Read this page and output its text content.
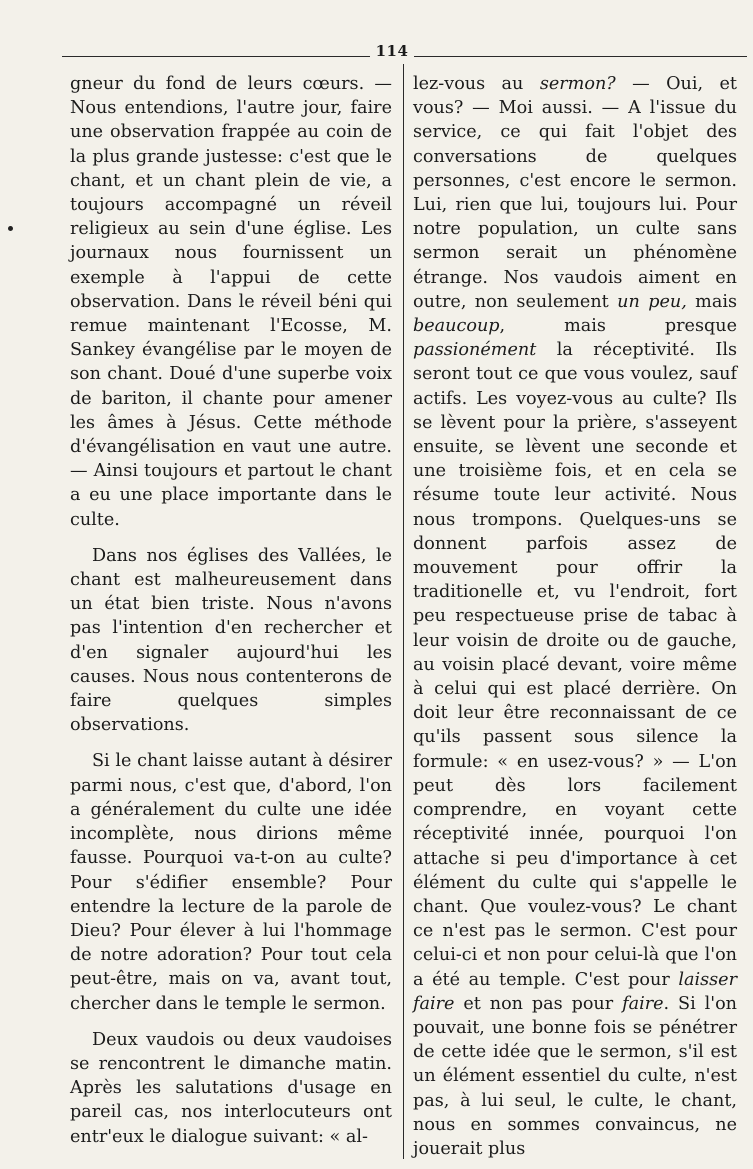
114

gneur du fond de leurs cœurs. — Nous entendions, l'autre jour, faire une observation frappée au coin de la plus grande justesse: c'est que le chant, et un chant plein de vie, a toujours accompagné un réveil religieux au sein d'une église. Les journaux nous fournissent un exemple à l'appui de cette observation. Dans le réveil béni qui remue maintenant l'Ecosse, M. Sankey évangélise par le moyen de son chant. Doué d'une superbe voix de bariton, il chante pour amener les âmes à Jésus. Cette méthode d'évangélisation en vaut une autre. — Ainsi toujours et partout le chant a eu une place importante dans le culte.

Dans nos églises des Vallées, le chant est malheureusement dans un état bien triste. Nous n'avons pas l'intention d'en rechercher et d'en signaler aujourd'hui les causes. Nous nous contenterons de faire quelques simples observations.

Si le chant laisse autant à désirer parmi nous, c'est que, d'abord, l'on a généralement du culte une idée incomplète, nous dirions même fausse. Pourquoi va-t-on au culte? Pour s'édifier ensemble? Pour entendre la lecture de la parole de Dieu? Pour élever à lui l'hommage de notre adoration? Pour tout cela peut-être, mais on va, avant tout, chercher dans le temple le sermon.

Deux vaudois ou deux vaudoises se rencontrent le dimanche matin. Après les salutations d'usage en pareil cas, nos interlocuteurs ont entr'eux le dialogue suivant: « al-

lez-vous au sermon? — Oui, et vous? — Moi aussi. — A l'issue du service, ce qui fait l'objet des conversations de quelques personnes, c'est encore le sermon. Lui, rien que lui, toujours lui. Pour notre population, un culte sans sermon serait un phénomène étrange. Nos vaudois aiment en outre, non seulement un peu, mais beaucoup, mais presque passionément la réceptivité. Ils seront tout ce que vous voulez, sauf actifs. Les voyez-vous au culte? Ils se lèvent pour la prière, s'asseyent ensuite, se lèvent une seconde et une troisième fois, et en cela se résume toute leur activité. Nous nous trompons. Quelques-uns se donnent parfois assez de mouvement pour offrir la traditionelle et, vu l'endroit, fort peu respectueuse prise de tabac à leur voisin de droite ou de gauche, au voisin placé devant, voire même à celui qui est placé derrière. On doit leur être reconnaissant de ce qu'ils passent sous silence la formule: « en usez-vous? » — L'on peut dès lors facilement comprendre, en voyant cette réceptivité innée, pourquoi l'on attache si peu d'importance à cet élément du culte qui s'appelle le chant. Que voulez-vous? Le chant ce n'est pas le sermon. C'est pour celui-ci et non pour celui-là que l'on a été au temple. C'est pour laisser faire et non pas pour faire. Si l'on pouvait, une bonne fois se pénétrer de cette idée que le sermon, s'il est un élément essentiel du culte, n'est pas, à lui seul, le culte, le chant, nous en sommes convaincus, ne jouerait plus
